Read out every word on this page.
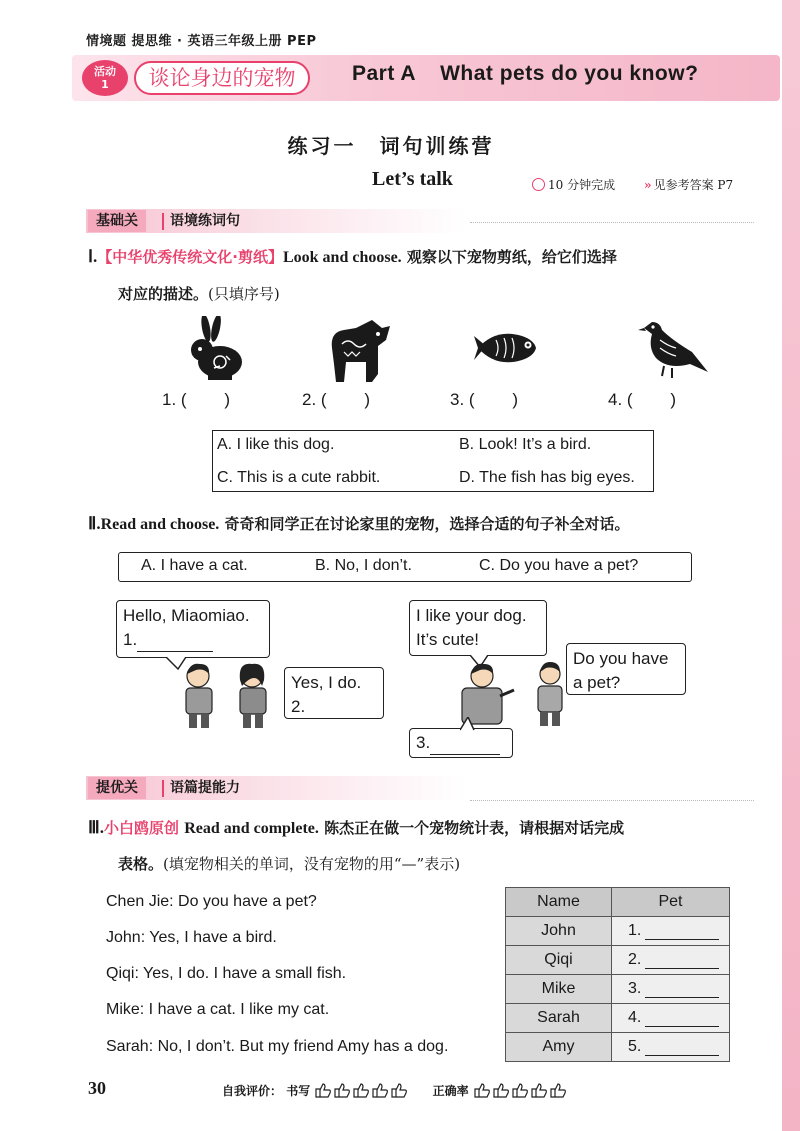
情境题 提思维 · 英语三年级上册 PEP
活动
1	谈论身边的宠物	Part A What pets do you know?
练习一　词句训练营
Let’s talk	10 分钟完成 ›› 见参考答案 P7
基础关	语境练词句
Ⅰ.【中华优秀传统文化·剪纸】Look and choose. 观察以下宠物剪纸，给它们选择
对应的描述。(只填序号)
1. (        )	2. (        )	3. (        )	4. (        )
A. I like this dog.	B. Look! It’s a bird.
C. This is a cute rabbit.	D. The fish has big eyes.
Ⅱ.Read and choose. 奇奇和同学正在讨论家里的宠物，选择合适的句子补全对话。
A. I have a cat.	B. No, I don’t.	C. Do you have a pet?
Hello, Miaomiao.
1.
Yes, I do.
2.
I like your dog.
It’s cute!
Do you have
a pet?
3.
提优关	语篇提能力
Ⅲ.小白鸥原创 Read and complete. 陈杰正在做一个宠物统计表，请根据对话完成
表格。(填宠物相关的单词，没有宠物的用“—”表示)
Chen Jie: Do you have a pet?
John: Yes, I have a bird.
Qiqi: Yes, I do. I have a small fish.
Mike: I have a cat. I like my cat.
Sarah: No, I don’t. But my friend Amy has a dog.
Name	Pet
John	1.
Qiqi	2.
Mike	3.
Sarah	4.
Amy	5.
30	自我评价： 书写	正确率
